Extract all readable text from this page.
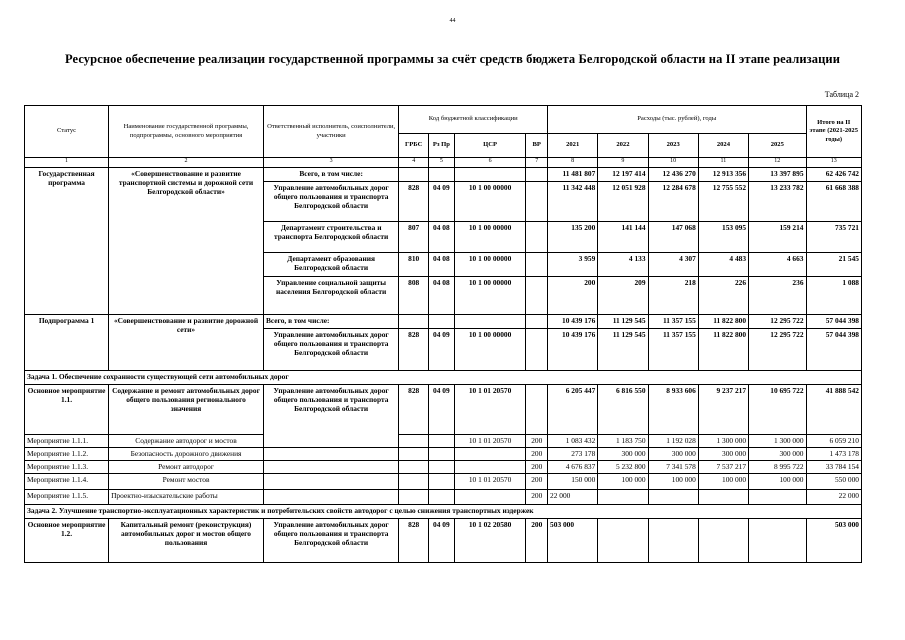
44
Ресурсное обеспечение реализации государственной программы за счёт средств бюджета Белгородской области на II этапе реализации
Таблица 2
Статус	Наименование государственной программы, подпрограммы, основного мероприятия	Ответственный исполнитель, соисполнители, участники	Код бюджетной классификации				Расходы (тыс. рублей), годы					Итого на II этапе (2021-2025 годы)
			ГРБС	Рз Пр	ЦСР	ВР	2021	2022	2023	2024	2025	
1	2	3	4	5	6	7	8	9	10	11	12	13
Государственная программа	«Совершенствование и развитие транспортной системы и дорожной сети Белгородской области»	Всего, в том числе:					11 481 807	12 197 414	12 436 270	12 913 356	13 397 895	62 426 742
		Управление автомобильных дорог общего пользования и транспорта Белгородской области	828	04 09	10 1 00 00000		11 342 448	12 051 928	12 284 678	12 755 552	13 233 782	61 668 388
		Департамент строительства и транспорта Белгородской области	807	04 08	10 1 00 00000		135 200	141 144	147 068	153 095	159 214	735 721
		Департамент образования Белгородской области	810	04 08	10 1 00 00000		3 959	4 133	4 307	4 483	4 663	21 545
		Управление социальной защиты населения Белгородской области	808	04 08	10 1 00 00000		200	209	218	226	236	1 088
Подпрограмма 1	«Совершенствование и развитие дорожной сети»	Всего, в том числе:					10 439 176	11 129 545	11 357 155	11 822 800	12 295 722	57 044 398
		Управление автомобильных дорог общего пользования и транспорта Белгородской области	828	04 09	10 1 00 00000		10 439 176	11 129 545	11 357 155	11 822 800	12 295 722	57 044 398
Задача 1. Обеспечение сохранности существующей сети автомобильных дорог												
Основное мероприятие 1.1.	Содержание и ремонт автомобильных дорог общего пользования регионального значения	Управление автомобильных дорог общего пользования и транспорта Белгородской области	828	04 09	10 1 01 20570		6 205 447	6 816 550	8 933 606	9 237 217	10 695 722	41 888 542
Мероприятие 1.1.1.	Содержание автодорог и мостов				10 1 01 20570	200	1 083 432	1 183 750	1 192 028	1 300 000	1 300 000	6 059 210
Мероприятие 1.1.2.	Безопасность дорожного движения					200	273 178	300 000	300 000	300 000	300 000	1 473 178
Мероприятие 1.1.3.	Ремонт автодорог					200	4 676 837	5 232 800	7 341 578	7 537 217	8 995 722	33 784 154
Мероприятие 1.1.4.	Ремонт мостов				10 1 01 20570	200	150 000	100 000	100 000	100 000	100 000	550 000
Мероприятие 1.1.5.	Проектно-изыскательские работы					200	22 000					22 000
Задача 2. Улучшение транспортно-эксплуатационных характеристик и потребительских свойств автодорог с целью снижения транспортных издержек												
Основное мероприятие 1.2.	Капитальный ремонт (реконструкция) автомобильных дорог и мостов общего пользования	Управление автомобильных дорог общего пользования и транспорта Белгородской области	828	04 09	10 1 02 20580	200	503 000					503 000
